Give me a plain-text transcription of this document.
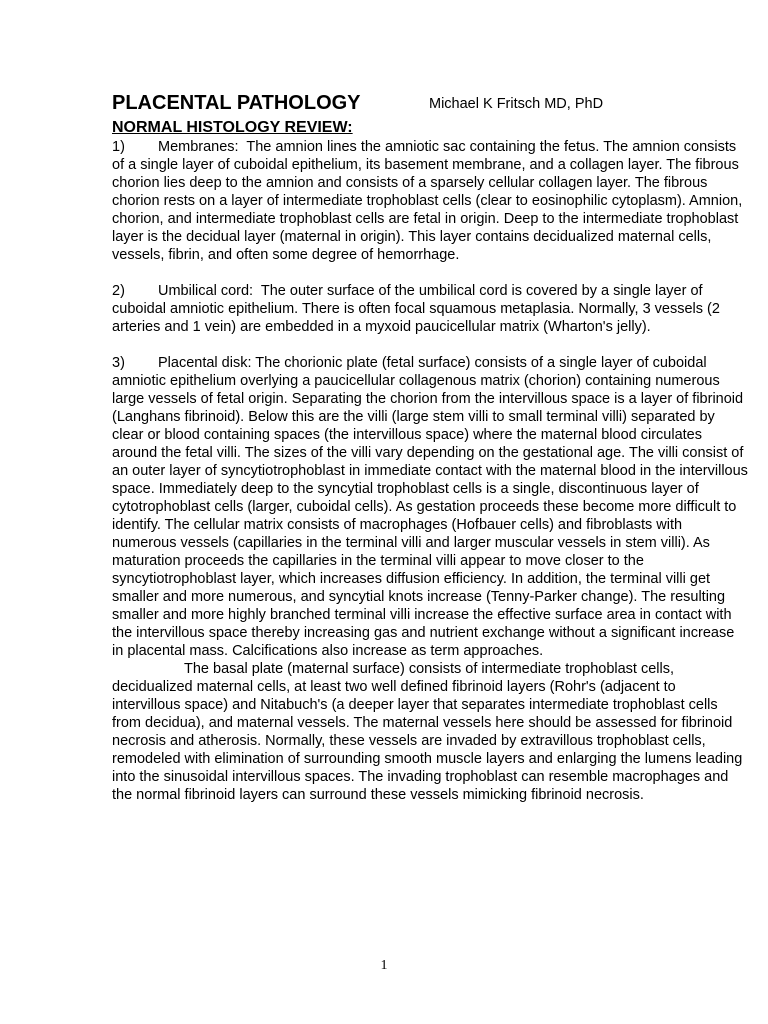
PLACENTAL PATHOLOGY	Michael K Fritsch MD, PhD
NORMAL HISTOLOGY REVIEW:
1) Membranes: The amnion lines the amniotic sac containing the fetus. The amnion consists of a single layer of cuboidal epithelium, its basement membrane, and a collagen layer. The fibrous chorion lies deep to the amnion and consists of a sparsely cellular collagen layer. The fibrous chorion rests on a layer of intermediate trophoblast cells (clear to eosinophilic cytoplasm). Amnion, chorion, and intermediate trophoblast cells are fetal in origin. Deep to the intermediate trophoblast layer is the decidual layer (maternal in origin). This layer contains decidualized maternal cells, vessels, fibrin, and often some degree of hemorrhage.
2) Umbilical cord: The outer surface of the umbilical cord is covered by a single layer of cuboidal amniotic epithelium. There is often focal squamous metaplasia. Normally, 3 vessels (2 arteries and 1 vein) are embedded in a myxoid paucicellular matrix (Wharton's jelly).
3) Placental disk: The chorionic plate (fetal surface) consists of a single layer of cuboidal amniotic epithelium overlying a paucicellular collagenous matrix (chorion) containing numerous large vessels of fetal origin. Separating the chorion from the intervillous space is a layer of fibrinoid (Langhans fibrinoid). Below this are the villi (large stem villi to small terminal villi) separated by clear or blood containing spaces (the intervillous space) where the maternal blood circulates around the fetal villi. The sizes of the villi vary depending on the gestational age. The villi consist of an outer layer of syncytiotrophoblast in immediate contact with the maternal blood in the intervillous space. Immediately deep to the syncytial trophoblast cells is a single, discontinuous layer of cytotrophoblast cells (larger, cuboidal cells). As gestation proceeds these become more difficult to identify. The cellular matrix consists of macrophages (Hofbauer cells) and fibroblasts with numerous vessels (capillaries in the terminal villi and larger muscular vessels in stem villi). As maturation proceeds the capillaries in the terminal villi appear to move closer to the syncytiotrophoblast layer, which increases diffusion efficiency. In addition, the terminal villi get smaller and more numerous, and syncytial knots increase (Tenny-Parker change). The resulting smaller and more highly branched terminal villi increase the effective surface area in contact with the intervillous space thereby increasing gas and nutrient exchange without a significant increase in placental mass. Calcifications also increase as term approaches.
The basal plate (maternal surface) consists of intermediate trophoblast cells, decidualized maternal cells, at least two well defined fibrinoid layers (Rohr's (adjacent to intervillous space) and Nitabuch's (a deeper layer that separates intermediate trophoblast cells from decidua), and maternal vessels. The maternal vessels here should be assessed for fibrinoid necrosis and atherosis. Normally, these vessels are invaded by extravillous trophoblast cells, remodeled with elimination of surrounding smooth muscle layers and enlarging the lumens leading into the sinusoidal intervillous spaces. The invading trophoblast can resemble macrophages and the normal fibrinoid layers can surround these vessels mimicking fibrinoid necrosis.
1
